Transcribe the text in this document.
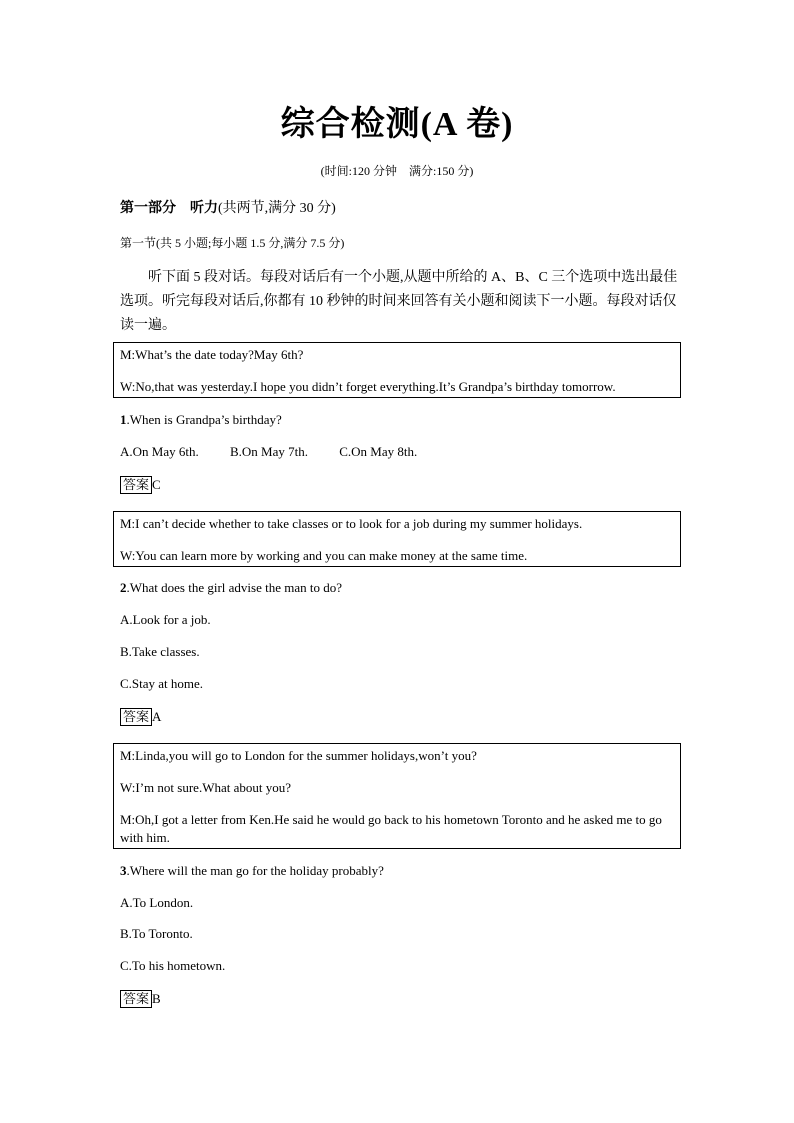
综合检测(A 卷)
(时间:120 分钟　满分:150 分)
第一部分 听力(共两节,满分 30 分)
第一节(共 5 小题;每小题 1.5 分,满分 7.5 分)
听下面 5 段对话。每段对话后有一个小题,从题中所给的 A、B、C 三个选项中选出最佳选项。听完每段对话后,你都有 10 秒钟的时间来回答有关小题和阅读下一小题。每段对话仅读一遍。

M:What’s the date today?May 6th?

W:No,that was yesterday.I hope you didn’t forget everything.It’s Grandpa’s birthday tomorrow.

1.When is Grandpa’s birthday?
A.On May 6th. B.On May 7th. C.On May 8th.
答案 C

M:I can’t decide whether to take classes or to look for a job during my summer holidays.

W:You can learn more by working and you can make money at the same time.

2.What does the girl advise the man to do?
A.Look for a job.
B.Take classes.
C.Stay at home.
答案 A

M:Linda,you will go to London for the summer holidays,won’t you?

W:I’m not sure.What about you?

M:Oh,I got a letter from Ken.He said he would go back to his hometown Toronto and he asked me to go with him.

3.Where will the man go for the holiday probably?
A.To London.
B.To Toronto.
C.To his hometown.
答案 B
